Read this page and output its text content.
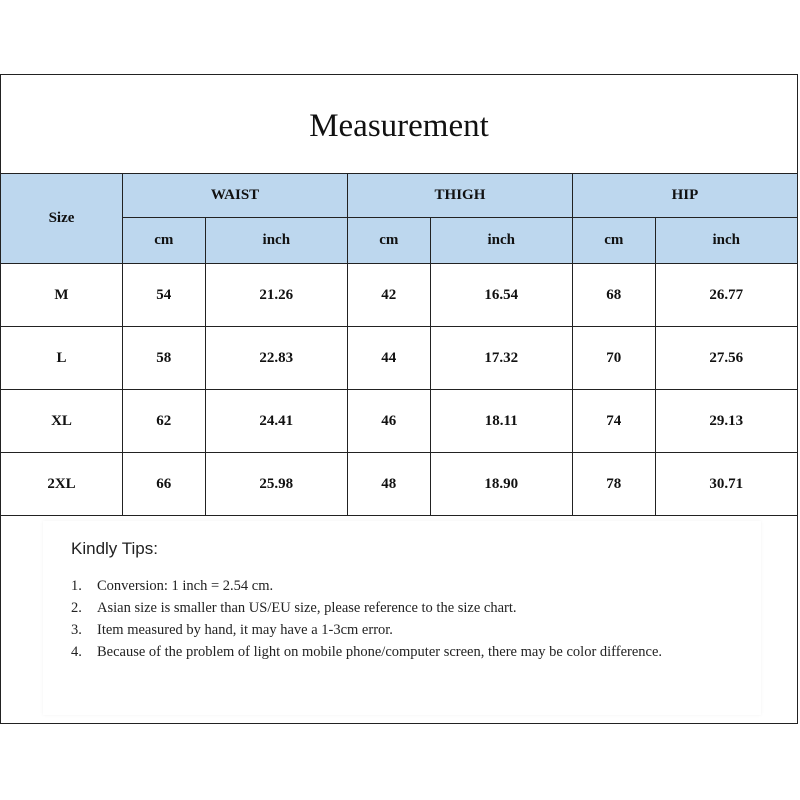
Measurement
Size	WAIST		THIGH		HIP	
	cm	inch	cm	inch	cm	inch
M	54	21.26	42	16.54	68	26.77
L	58	22.83	44	17.32	70	27.56
XL	62	24.41	46	18.11	74	29.13
2XL	66	25.98	48	18.90	78	30.71
Kindly Tips:
1.	Conversion: 1 inch = 2.54 cm.
2.	Asian size is smaller than US/EU size, please reference to the size chart.
3.	Item measured by hand, it may have a 1-3cm error.
4.	Because of the problem of light on mobile phone/computer screen, there may be color difference.
